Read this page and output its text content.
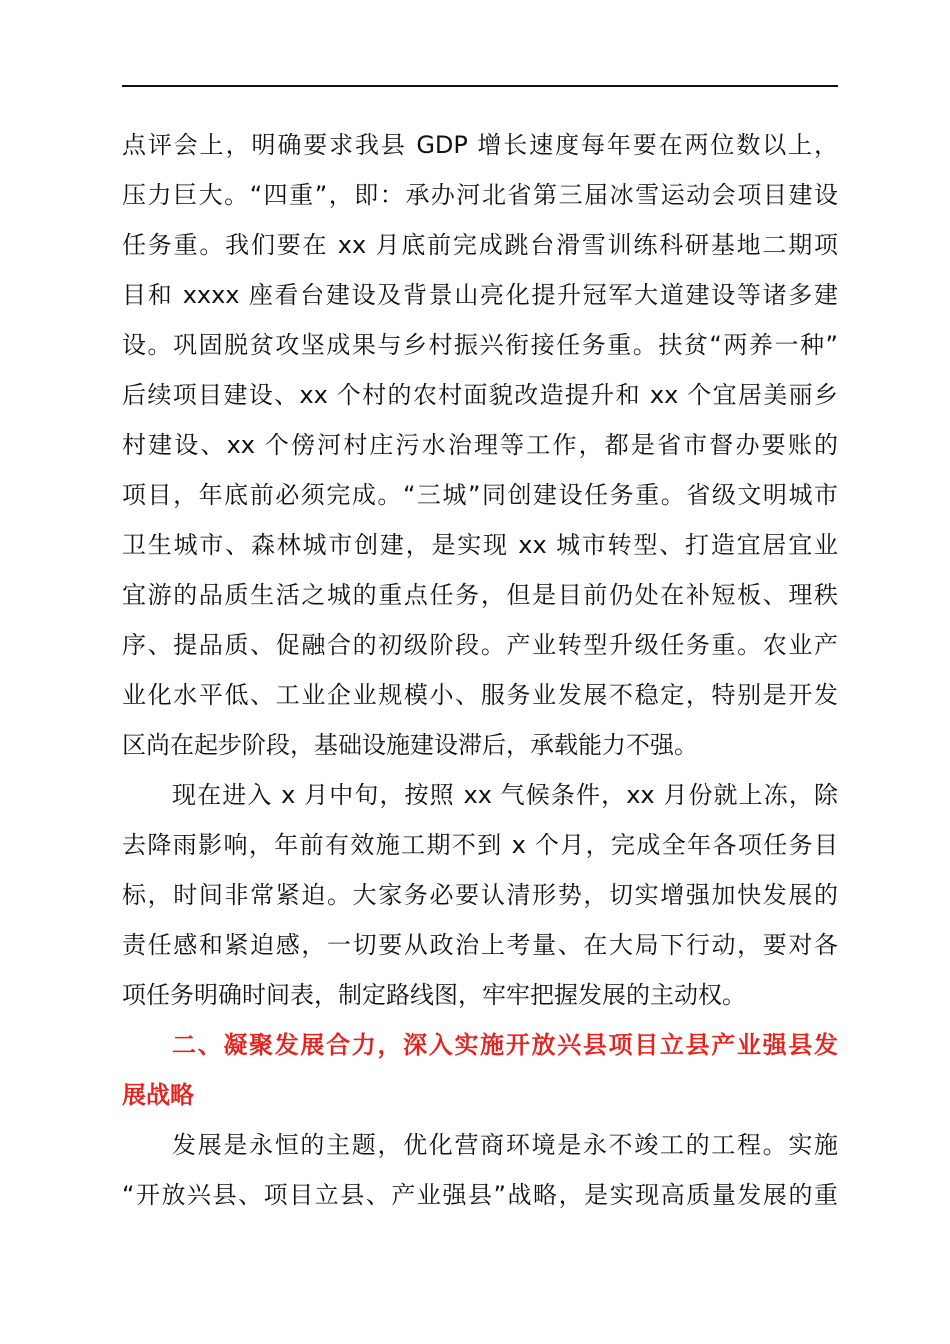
点评会上，明确要求我县 GDP 增长速度每年要在两位数以上，
压力巨大。“四重”，即：承办河北省第三届冰雪运动会项目建设
任务重。我们要在 xx 月底前完成跳台滑雪训练科研基地二期项
目和 xxxx 座看台建设及背景山亮化提升冠军大道建设等诸多建
设。巩固脱贫攻坚成果与乡村振兴衔接任务重。扶贫“两养一种”
后续项目建设、xx 个村的农村面貌改造提升和 xx 个宜居美丽乡
村建设、xx 个傍河村庄污水治理等工作，都是省市督办要账的
项目，年底前必须完成。“三城”同创建设任务重。省级文明城市
卫生城市、森林城市创建，是实现 xx 城市转型、打造宜居宜业
宜游的品质生活之城的重点任务，但是目前仍处在补短板、理秩
序、提品质、促融合的初级阶段。产业转型升级任务重。农业产
业化水平低、工业企业规模小、服务业发展不稳定，特别是开发
区尚在起步阶段，基础设施建设滞后，承载能力不强。
现在进入 x 月中旬，按照 xx 气候条件，xx 月份就上冻，除
去降雨影响，年前有效施工期不到 x 个月，完成全年各项任务目
标，时间非常紧迫。大家务必要认清形势，切实增强加快发展的
责任感和紧迫感，一切要从政治上考量、在大局下行动，要对各
项任务明确时间表，制定路线图，牢牢把握发展的主动权。
二、凝聚发展合力，深入实施开放兴县项目立县产业强县发
展战略
发展是永恒的主题，优化营商环境是永不竣工的工程。实施
“开放兴县、项目立县、产业强县”战略，是实现高质量发展的重
